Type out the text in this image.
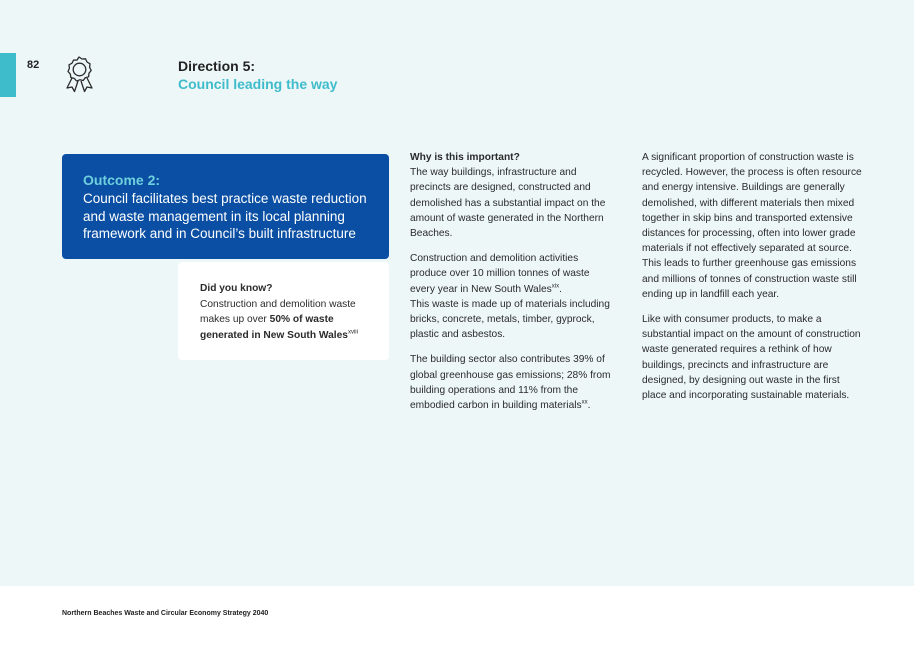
82	Direction 5:
Council leading the way
Outcome 2:
Council facilitates best practice waste reduction and waste management in its local planning framework and in Council’s built infrastructure
Did you know?
Construction and demolition waste makes up over 50% of waste generated in New South Wales$^{xviii}$

Why is this important?
The way buildings, infrastructure and precincts are designed, constructed and demolished has a substantial impact on the amount of waste generated in the Northern Beaches.

Construction and demolition activities produce over 10 million tonnes of waste every year in New South Wales$^{xix}$.
This waste is made up of materials including bricks, concrete, metals, timber, gyprock, plastic and asbestos.

The building sector also contributes 39% of global greenhouse gas emissions; 28% from building operations and 11% from the embodied carbon in building materials$^{xx}$.

A significant proportion of construction waste is recycled. However, the process is often resource and energy intensive. Buildings are generally demolished, with different materials then mixed together in skip bins and transported extensive distances for processing, often into lower grade materials if not effectively separated at source.

This leads to further greenhouse gas emissions and millions of tonnes of construction waste still ending up in landfill each year.

Like with consumer products, to make a substantial impact on the amount of construction waste generated requires a rethink of how buildings, precincts and infrastructure are designed, by designing out waste in the first place and incorporating sustainable materials.

Northern Beaches Waste and Circular Economy Strategy 2040
